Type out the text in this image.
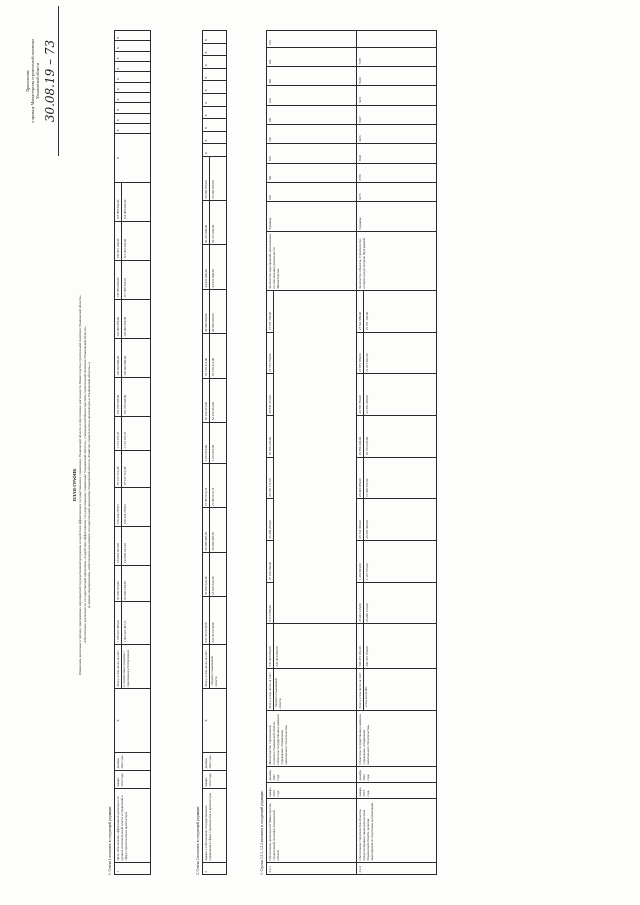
Приложение к приказу Министерства строительной политики Ульяновской области 30.08.19 – 73
ПЛАН-ГРАФИК Изменения, вносимые в таблицу программных мероприятий государственной программы «Содействие эффективному государственному управлению Ульяновской области и обеспечение деятельности Министерства строительной политики Ульяновской области» «Обеспечение деятельности государственной программы «Содействие эффективному государственному управлению Ульяновской области», утвержденной Министерством строительной политики Ульяновской области» (в рамках подпрограммы «Обеспечение реализации государственной программы Ульяновской области «Развитие строительства и архитектуры в Ульяновской области»»)
1. Статья 1 изложить в следующей редакции: 1	Цель: Обеспечение эффективной деятельности органов исполнительной власти и управлений в сфере строительства и архитектуры	январь 2014 года	декабрь 2022 года	X	Всего, в том числе за счёт:	1 378 227 480,00	81 960 554,96	164 991 051,68	160 264 278,81	87 137 721,08	1 713 157,47	155 758 458,00	128 402 900,00	126 996 385,00	136 866 000,00	133 861 100,00	118 080 602,00	X	X	X	X	X	X	X	X	X	X	X
					в соответствии с разделом 7 приложения к Госпрограмме	1 303 223 487,11	87 060 159,68	144 866 241,26	160 264 278,81	87 137 721,08	1 713 157,47	155 758 458,00	128 402 900,00	126 996 385,00	117 589 763,01	113 053 250,00	118 080 602,00											
2. Статья 2 изложить в следующей редакции: 2	Задача 1. Обеспечение государственного управления в сфере строительства и архитектуры	январь 2014 года	декабрь 2022 года	X	Всего, в том числе за счёт:	641 551 979,89	53 919 324,38	50 488 458,79	27 981 012,74	1 413 618,00	52 110 431,00	52 718 411,00	49 590 056,00	44 931 000,00	56 211 000,00	55 294 185,00	X	X	X	X	X	X	X	X	X	X
					- бюджета Ульяновской области	641 551 979,89	53 919 324,38	50 488 458,79	27 981 012,74	1 413 618,00	52 110 431,00	52 718 411,00	49 590 056,00	44 931 000,00	56 211 000,00	55 294 185,00										
3. Строки 3.2.1, 3.2.4 изложить в следующей редакции: 3.2.1	Обеспечение деятельности Министерства строительной политики Ульяновской области	январь 2014 года	декабрь 2022 года	Министерство строительной политики Ульяновской области, Областное государственное казённое учреждение «Управление капитального строительства»	Всего, в том числе за счёт:	570 403 084,00	9 316 868,00	27 109 194,00	26 499 284,00	28 169 171,00	25 259 236,00	28 839 277,00	27 761 760,00	27 761 760,00	Количество мероприятий, выполненных по обеспечению деятельности Министерства	Единица	100	100	100	100	100	100	100	100	100
					- бюджета Ульяновской области	570 403 084,00																			
3.2.4	Обеспечение строительства объектов, предусмотренных законодательством Ульяновской области, включая мероприятия по подготовке документации	январь 2014 года	декабрь 2022 года	Областное государственное казённое учреждение «Управление капитального строительства»	Всего, в том числе за счёт:	509 473 191,00	26 041 123,00	1 233 003,00	26 741 360,00	26 493 080,00	26 850 440,00	26 783 760,00	27 876 580,00	27 541 980,00	Количество объектов, строительство которых предусмотрено Программой	Единица	6475	6570	6520	6433	6627	6472	6620	7378	
					- в том числе ФБ:	500 476 700,00	26 040 123,00	1 157 615,00	26 455 308,00	11 689 553,00	26 753 253,00	21 681 260,00	21 471 961,00	25 761 195,00											
